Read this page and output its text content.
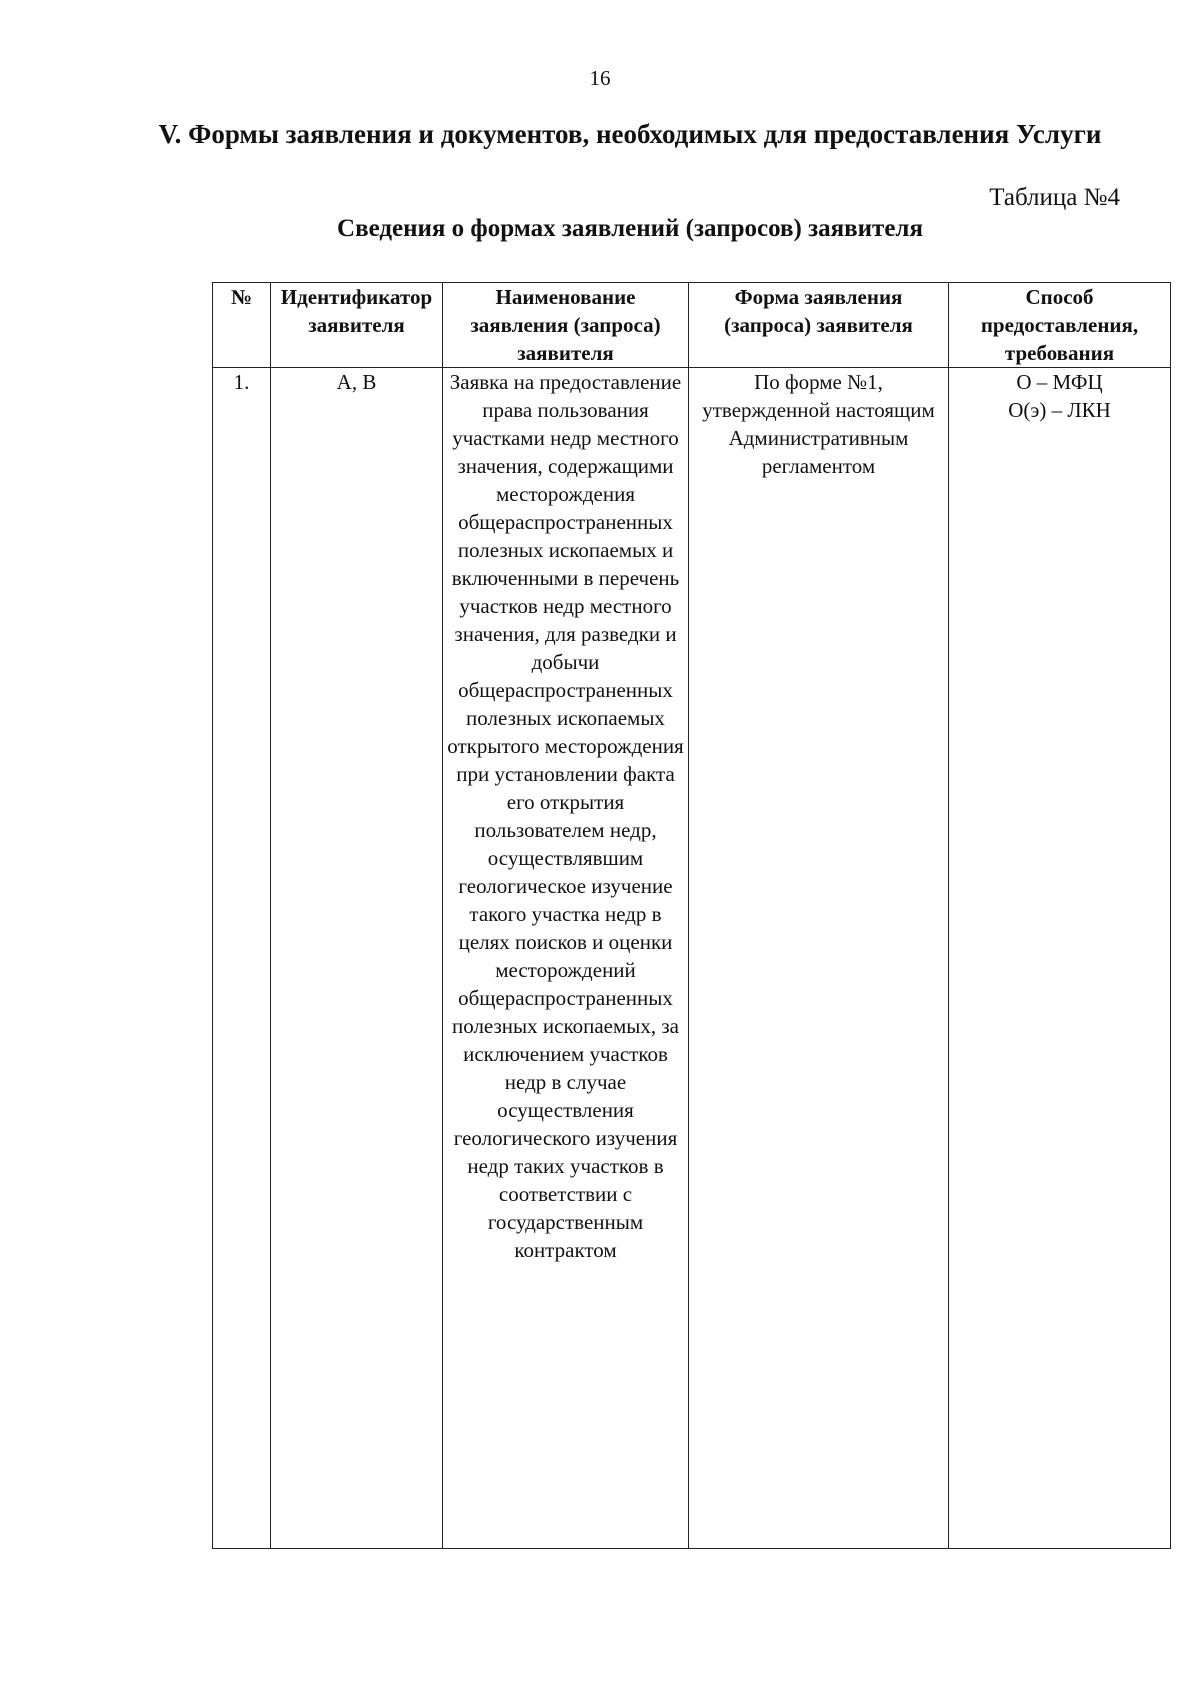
16
V. Формы заявления и документов, необходимых для предоставления Услуги
Таблица №4
Сведения о формах заявлений (запросов) заявителя
№	Идентификатор заявителя	Наименование заявления (запроса) заявителя	Форма заявления (запроса) заявителя	Способ предоставления, требования
1.	А, В	Заявка на предоставление права пользования участками недр местного значения, содержащими месторождения общераспространенных полезных ископаемых и включенными в перечень участков недр местного значения, для разведки и добычи общераспространенных полезных ископаемых открытого месторождения при установлении факта его открытия пользователем недр, осуществлявшим геологическое изучение такого участка недр в целях поисков и оценки месторождений общераспространенных полезных ископаемых, за исключением участков недр в случае осуществления геологического изучения недр таких участков в соответствии с государственным контрактом	По форме №1, утвержденной настоящим Административным регламентом	О – МФЦ
О(э) – ЛКН
